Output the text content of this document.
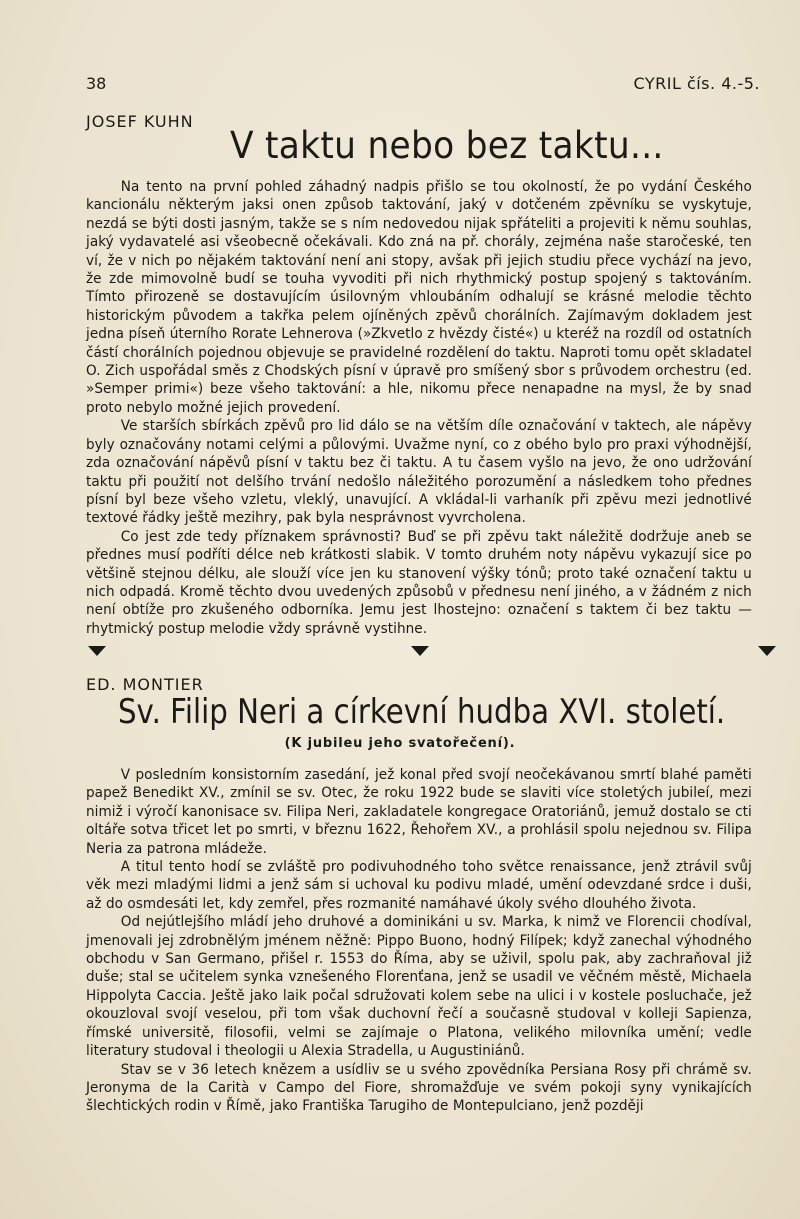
38	CYRIL čís. 4.-5.
JOSEF KUHN
V taktu nebo bez taktu...

Na tento na první pohled záhadný nadpis přišlo se tou okolností, že po vydání Českého kancionálu některým jaksi onen způsob taktování, jaký v dotčeném zpěvníku se vyskytuje, nezdá se býti dosti jasným, takže se s ním nedovedou nijak spřáteliti a projeviti k němu souhlas, jaký vydavatelé asi všeobecně očekávali. Kdo zná na př. chorály, zejména naše staročeské, ten ví, že v nich po nějakém taktování není ani stopy, avšak při jejich studiu přece vychází na jevo, že zde mimovolně budí se touha vyvoditi při nich rhythmický postup spojený s taktováním. Tímto přirozeně se dostavujícím úsilovným vhloubáním odhalují se krásné melodie těchto historickým původem a takřka pelem ojíněných zpěvů chorálních. Zajímavým dokladem jest jedna píseň úterního Rorate Lehnerova (»Zkvetlo z hvězdy čisté«) u kteréž na rozdíl od ostatních částí chorálních pojednou objevuje se pravidelné rozdělení do taktu. Naproti tomu opět skladatel O. Zich uspořádal směs z Chodských písní v úpravě pro smíšený sbor s průvodem orchestru (ed. »Semper primi«) beze všeho taktování: a hle, nikomu přece nenapadne na mysl, že by snad proto nebylo možné jejich provedení.

Ve starších sbírkách zpěvů pro lid dálo se na větším díle označování v taktech, ale nápěvy byly označovány notami celými a půlovými. Uvažme nyní, co z obého bylo pro praxi výhodnější, zda označování nápěvů písní v taktu bez či taktu. A tu časem vyšlo na jevo, že ono udržování taktu při použití not delšího trvání nedošlo náležitého porozumění a následkem toho přednes písní byl beze všeho vzletu, vleklý, unavující. A vkládal-li varhaník při zpěvu mezi jednotlivé textové řádky ještě mezihry, pak byla nesprávnost vyvrcholena.

Co jest zde tedy příznakem správnosti? Buď se při zpěvu takt náležitě dodržuje aneb se přednes musí podříti délce neb krátkosti slabik. V tomto druhém noty nápěvu vykazují sice po většině stejnou délku, ale slouží více jen ku stanovení výšky tónů; proto také označení taktu u nich odpadá. Kromě těchto dvou uvedených způsobů v přednesu není jiného, a v žádném z nich není obtíže pro zkušeného odborníka. Jemu jest lhostejno: označení s taktem či bez taktu — rhytmický postup melodie vždy správně vystihne.

ED. MONTIER
Sv. Filip Neri a církevní hudba XVI. století.
(K jubileu jeho svatořečení).

V posledním konsistorním zasedání, jež konal před svojí neočekávanou smrtí blahé paměti papež Benedikt XV., zmínil se sv. Otec, že roku 1922 bude se slaviti více stoletých jubileí, mezi nimiž i výročí kanonisace sv. Filipa Neri, zakladatele kongregace Oratoriánů, jemuž dostalo se cti oltáře sotva třicet let po smrti, v březnu 1622, Řehořem XV., a prohlásil spolu nejednou sv. Filipa Neria za patrona mládeže.

A titul tento hodí se zvláště pro podivuhodného toho světce renaissance, jenž ztrávil svůj věk mezi mladými lidmi a jenž sám si uchoval ku podivu mladé, umění odevzdané srdce i duši, až do osmdesáti let, kdy zemřel, přes rozmanité namáhavé úkoly svého dlouhého života.

Od nejútlejšího mládí jeho druhové a dominikáni u sv. Marka, k nimž ve Florencii chodíval, jmenovali jej zdrobnělým jménem něžně: Pippo Buono, hodný Filípek; když zanechal výhodného obchodu v San Germano, přišel r. 1553 do Říma, aby se uživil, spolu pak, aby zachraňoval již duše; stal se učitelem synka vznešeného Florenťana, jenž se usadil ve věčném městě, Michaela Hippolyta Caccia. Ještě jako laik počal sdružovati kolem sebe na ulici i v kostele posluchače, jež okouzloval svojí veselou, při tom však duchovní řečí a současně studoval v kolleji Sapienza, římské universitě, filosofii, velmi se zajímaje o Platona, velikého milovníka umění; vedle literatury studoval i theologii u Alexia Stradella, u Augustiniánů.

Stav se v 36 letech knězem a usídliv se u svého zpovědníka Persiana Rosy při chrámě sv. Jeronyma de la Carità v Campo del Fiore, shromažďuje ve svém pokoji syny vynikajících šlechtických rodin v Římě, jako Františka Tarugiho de Montepulciano, jenž později
